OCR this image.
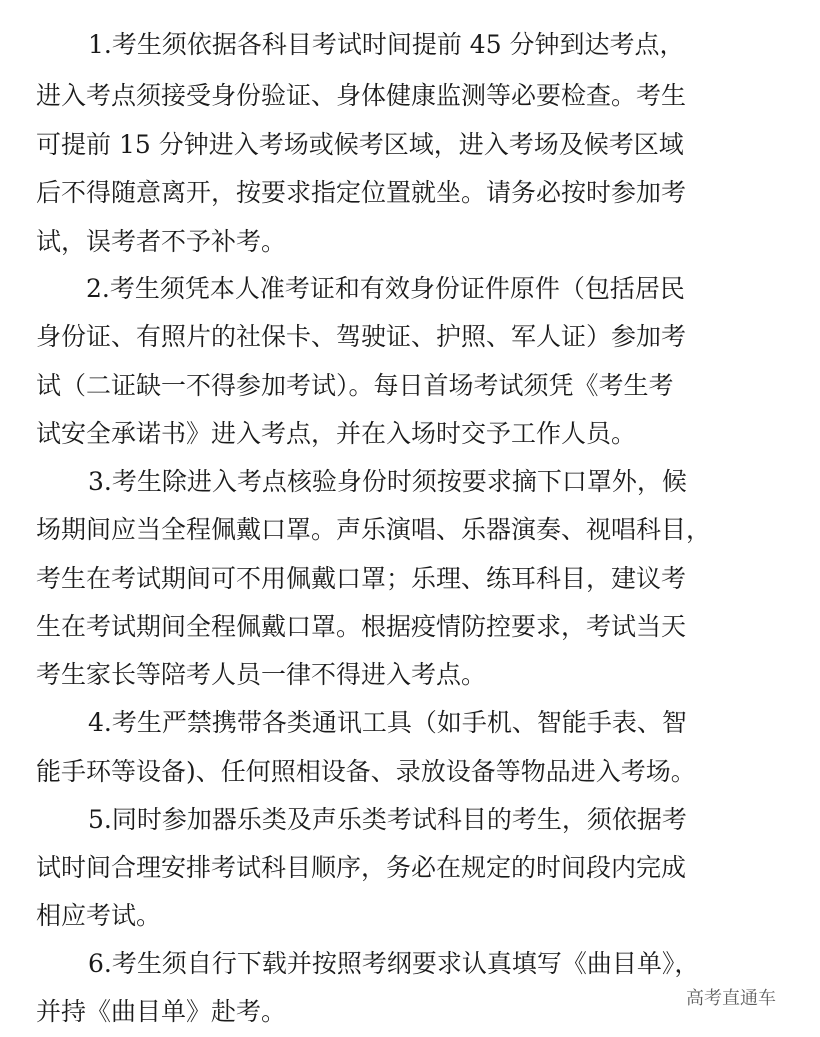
1.考生须依据各科目考试时间提前 45 分钟到达考点，
进入考点须接受身份验证、身体健康监测等必要检查。考生
可提前 15 分钟进入考场或候考区域，进入考场及候考区域
后不得随意离开，按要求指定位置就坐。请务必按时参加考
试，误考者不予补考。
2.考生须凭本人准考证和有效身份证件原件（包括居民
身份证、有照片的社保卡、驾驶证、护照、军人证）参加考
试（二证缺一不得参加考试）。每日首场考试须凭《考生考
试安全承诺书》进入考点，并在入场时交予工作人员。
3.考生除进入考点核验身份时须按要求摘下口罩外，候
场期间应当全程佩戴口罩。声乐演唱、乐器演奏、视唱科目，
考生在考试期间可不用佩戴口罩；乐理、练耳科目，建议考
生在考试期间全程佩戴口罩。根据疫情防控要求，考试当天
考生家长等陪考人员一律不得进入考点。
4.考生严禁携带各类通讯工具（如手机、智能手表、智
能手环等设备)、任何照相设备、录放设备等物品进入考场。
5.同时参加器乐类及声乐类考试科目的考生，须依据考
试时间合理安排考试科目顺序，务必在规定的时间段内完成
相应考试。
6.考生须自行下载并按照考纲要求认真填写《曲目单》，
并持《曲目单》赴考。	高考直通车
